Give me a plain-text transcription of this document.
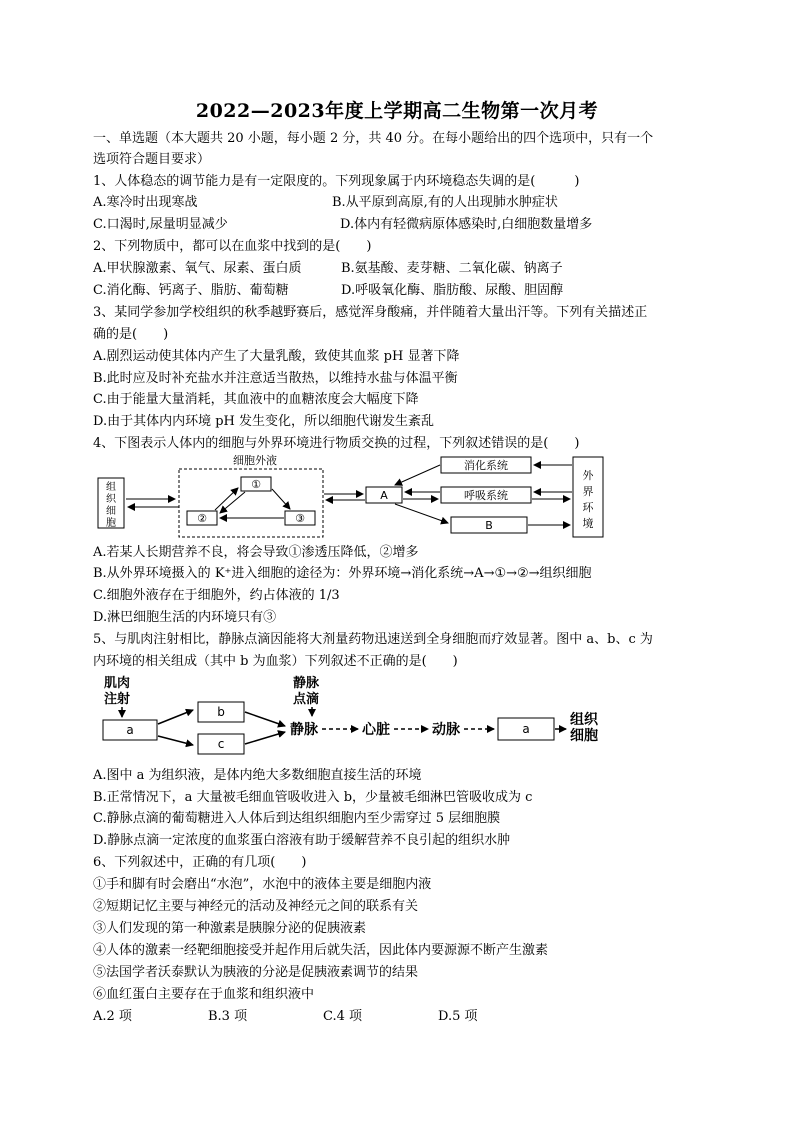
2022—2023年度上学期高二生物第一次月考
一、单选题（本大题共 20 小题，每小题 2 分，共 40 分。在每小题给出的四个选项中，只有一个
选项符合题目要求）
1、人体稳态的调节能力是有一定限度的。下列现象属于内环境稳态失调的是(　　　)
A.寒冷时出现寒战	B.从平原到高原,有的人出现肺水肿症状
C.口渴时,尿量明显减少	D.体内有轻微病原体感染时,白细胞数量增多
2、下列物质中，都可以在血浆中找到的是(　　)
A.甲状腺激素、氧气、尿素、蛋白质	B.氨基酸、麦芽糖、二氧化碳、钠离子
C.消化酶、钙离子、脂肪、葡萄糖	D.呼吸氧化酶、脂肪酸、尿酸、胆固醇
3、某同学参加学校组织的秋季越野赛后，感觉浑身酸痛，并伴随着大量出汗等。下列有关描述正
确的是(　　)
A.剧烈运动使其体内产生了大量乳酸，致使其血浆 pH 显著下降
B.此时应及时补充盐水并注意适当散热，以维持水盐与体温平衡
C.由于能量大量消耗，其血液中的血糖浓度会大幅度下降
D.由于其体内内环境 pH 发生变化，所以细胞代谢发生紊乱
4、下图表示人体内的细胞与外界环境进行物质交换的过程，下列叙述错误的是(　　)
组
织
细
胞
细胞外液
①
②	③
A
消化系统
呼吸系统
B
外
界
环
境
A.若某人长期营养不良，将会导致①渗透压降低，②增多
B.从外界环境摄入的 K⁺进入细胞的途径为：外界环境→消化系统→A→①→②→组织细胞
C.细胞外液存在于细胞外，约占体液的 1/3
D.淋巴细胞生活的内环境只有③
5、与肌肉注射相比，静脉点滴因能将大剂量药物迅速送到全身细胞而疗效显著。图中 a、b、c 为
内环境的相关组成（其中 b 为血浆）下列叙述不正确的是(　　)
肌肉
注射
a
b
c
静脉
点滴
静脉	心脏	动脉	a
组织
细胞
A.图中 a 为组织液，是体内绝大多数细胞直接生活的环境
B.正常情况下，a 大量被毛细血管吸收进入 b，少量被毛细淋巴管吸收成为 c
C.静脉点滴的葡萄糖进入人体后到达组织细胞内至少需穿过 5 层细胞膜
D.静脉点滴一定浓度的血浆蛋白溶液有助于缓解营养不良引起的组织水肿
6、下列叙述中，正确的有几项(　　)
①手和脚有时会磨出“水泡”，水泡中的液体主要是细胞内液
②短期记忆主要与神经元的活动及神经元之间的联系有关
③人们发现的第一种激素是胰腺分泌的促胰液素
④人体的激素一经靶细胞接受并起作用后就失活，因此体内要源源不断产生激素
⑤法国学者沃泰默认为胰液的分泌是促胰液素调节的结果
⑥血红蛋白主要存在于血浆和组织液中
A.2 项	B.3 项	C.4 项	D.5 项
